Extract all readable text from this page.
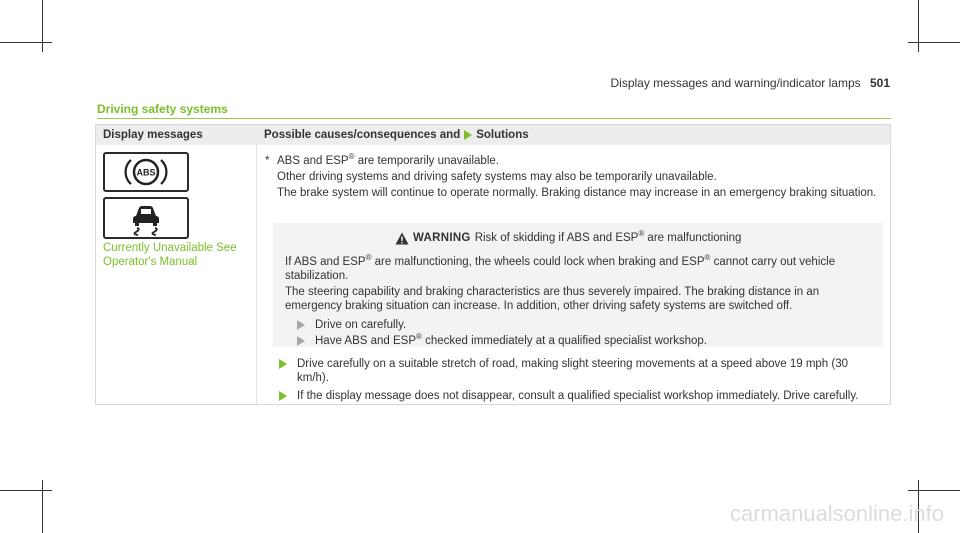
Display messages and warning/indicator lamps 501
Driving safety systems
Display messages	Possible causes/consequences and Solutions
ABS
Currently Unavailable See Operator's Manual
* ABS and ESP® are temporarily unavailable.
Other driving systems and driving safety systems may also be temporarily unavailable.
The brake system will continue to operate normally. Braking distance may increase in an emergency braking situation.
WARNING Risk of skidding if ABS and ESP® are malfunctioning
If ABS and ESP® are malfunctioning, the wheels could lock when braking and ESP® cannot carry out vehicle stabilization.
The steering capability and braking characteristics are thus severely impaired. The braking distance in an emergency braking situation can increase. In addition, other driving safety systems are switched off.
Drive on carefully.
Have ABS and ESP® checked immediately at a qualified specialist workshop.
Drive carefully on a suitable stretch of road, making slight steering movements at a speed above 19 mph (30 km/h).
If the display message does not disappear, consult a qualified specialist workshop immediately. Drive carefully.
carmanualsonline.info
